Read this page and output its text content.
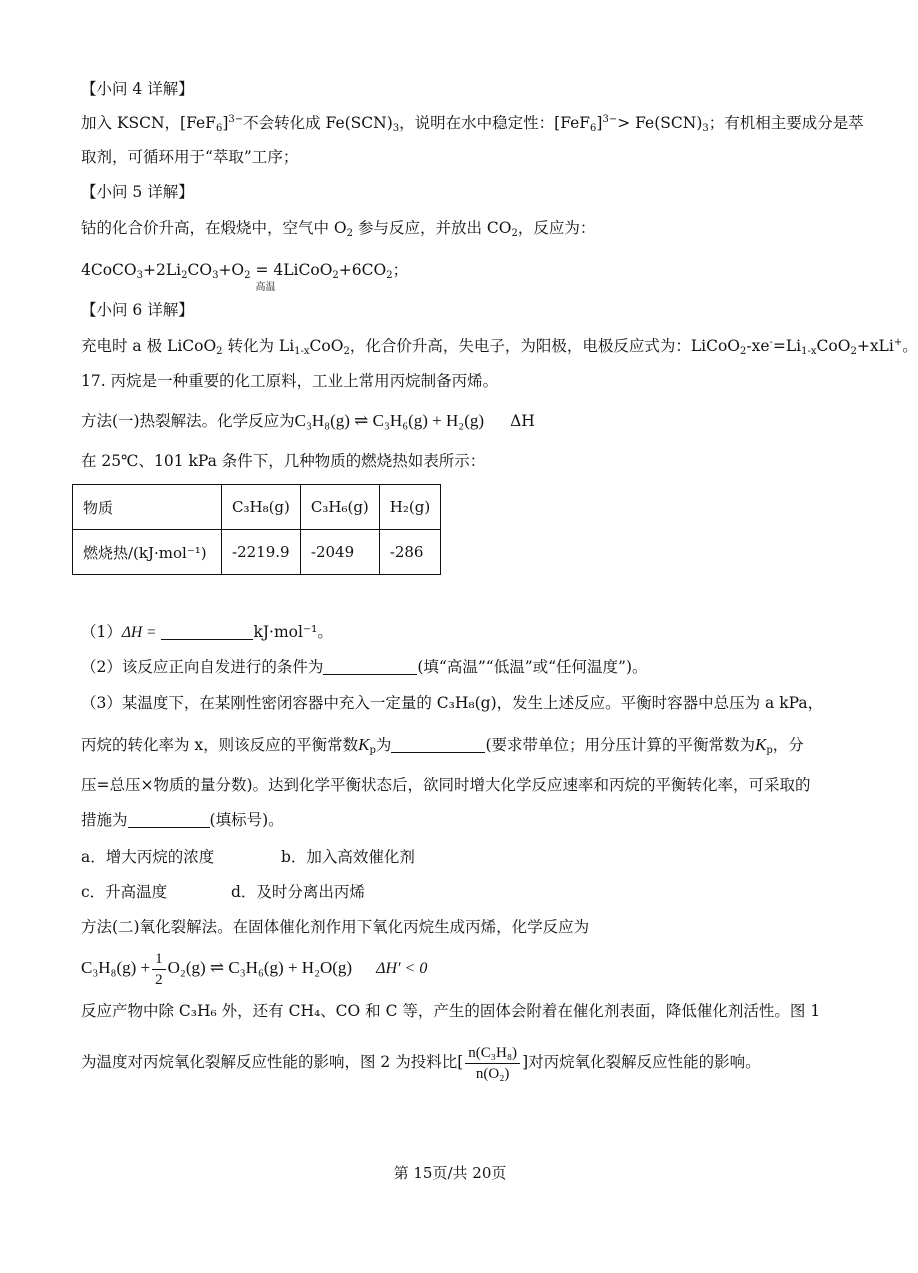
【小问 4 详解】
加入 KSCN，$[FeF_6]^{3-}$不会转化成 $Fe(SCN)_3$，说明在水中稳定性：$[FeF_6]^{3-}> Fe(SCN)_3$；有机相主要成分是萃
取剂，可循环用于“萃取”工序；
【小问 5 详解】
钴的化合价升高，在煅烧中，空气中 $O_2$ 参与反应，并放出 $CO_2$，反应为：
$4CoCO_3+2Li_2CO_3+O_2$ =
高温
$4LiCoO_2+6CO_2$；
【小问 6 详解】
充电时 a 极 LiCoO$_2$ 转化为 $Li_{1-x}CoO_2$，化合价升高，失电子，为阳极，电极反应式为：$LiCoO_2-xe^-=Li_{1-x}CoO_2+xLi^+$。
17. 丙烷是一种重要的化工原料，工业上常用丙烷制备丙烯。
方法(一)热裂解法。化学反应为C₃H₈(g) ⇌ C₃H₆(g) + H₂(g) ΔH
在 25℃、101 kPa 条件下，几种物质的燃烧热如表所示：
物质	C₃H₈(g)	C₃H₆(g)	H₂(g)
燃烧热/(kJ·mol⁻¹)	-2219.9	-2049	-286
（1）ΔH =	kJ·mol⁻¹。
（2）该反应正向自发进行的条件为	(填“高温”“低温”或“任何温度”)。
（3）某温度下，在某刚性密闭容器中充入一定量的 C₃H₈(g)，发生上述反应。平衡时容器中总压为 a kPa，
丙烷的转化率为 x，则该反应的平衡常数$K_p$为	(要求带单位；用分压计算的平衡常数为$K_p$，分
压=总压×物质的量分数)。达到化学平衡状态后，欲同时增大化学反应速率和丙烷的平衡转化率，可采取的
措施为	(填标号)。
a．增大丙烷的浓度	b．加入高效催化剂
c．升高温度	d．及时分离出丙烯
方法(二)氧化裂解法。在固体催化剂作用下氧化丙烷生成丙烯，化学反应为
$C_3H_8(g) + \frac{1}{2} O_2(g)$ ⇌ C₃H₆(g) + H₂O(g) ΔH′ < 0
反应产物中除 C₃H₆ 外，还有 CH₄、CO 和 C 等，产生的固体会附着在催化剂表面，降低催化剂活性。图 1
为温度对丙烷氧化裂解反应性能的影响，图 2 为投料比[ $\frac{\text{n(C₃H₈)}}{\text{n(O₂)}}$ ]对丙烷氧化裂解反应性能的影响。
第 15页/共 20页
